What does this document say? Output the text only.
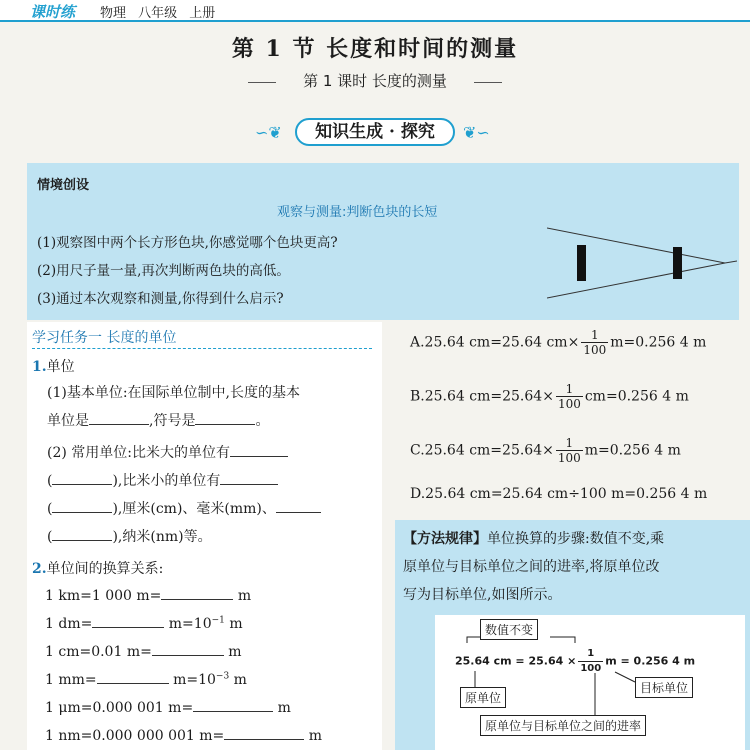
课时练 物理 八年级 上册
第 1 节 长度和时间的测量
第 1 课时 长度的测量
∽❦	知识生成 · 探究	❦∽
情境创设
观察与测量:判断色块的长短
(1)观察图中两个长方形色块,你感觉哪个色块更高?
(2)用尺子量一量,再次判断两色块的高低。
(3)通过本次观察和测量,你得到什么启示?
学习任务一 长度的单位
1.单位
(1)基本单位:在国际单位制中,长度的基本
单位是	,符号是	。
(2) 常用单位:比米大的单位有
(	),比米小的单位有
(	),厘米(cm)、毫米(mm)、
(	),纳米(nm)等。
2.单位间的换算关系:
1 km=1 000 m=	m
1 dm=	$m=10^{-1}$ m
1 cm=0.01 m=	m
1 mm=	$m=10^{-3}$ m
1 μm=0.000 001 m=	m
1 nm=0.000 000 001 m=	m
A.25.64 cm=25.64 $cm\times \frac{1}{100} m=0.256$ 4 m
B.25.64 $cm=25.64\times \frac{1}{100} cm=0.256$ 4 m
C.25.64 $cm=25.64\times \frac{1}{100} m=0.256$ 4 m
D.25.64 cm=25.64 cm÷100 m=0.256 4 m
【方法规律】单位换算的步骤:数值不变,乘
原单位与目标单位之间的进率,将原单位改
写为目标单位,如图所示。
数值不变
25.64 cm = $25.64 \times \frac{1}{100}$ m = 0.256 4 m
原单位
目标单位
原单位与目标单位之间的进率
